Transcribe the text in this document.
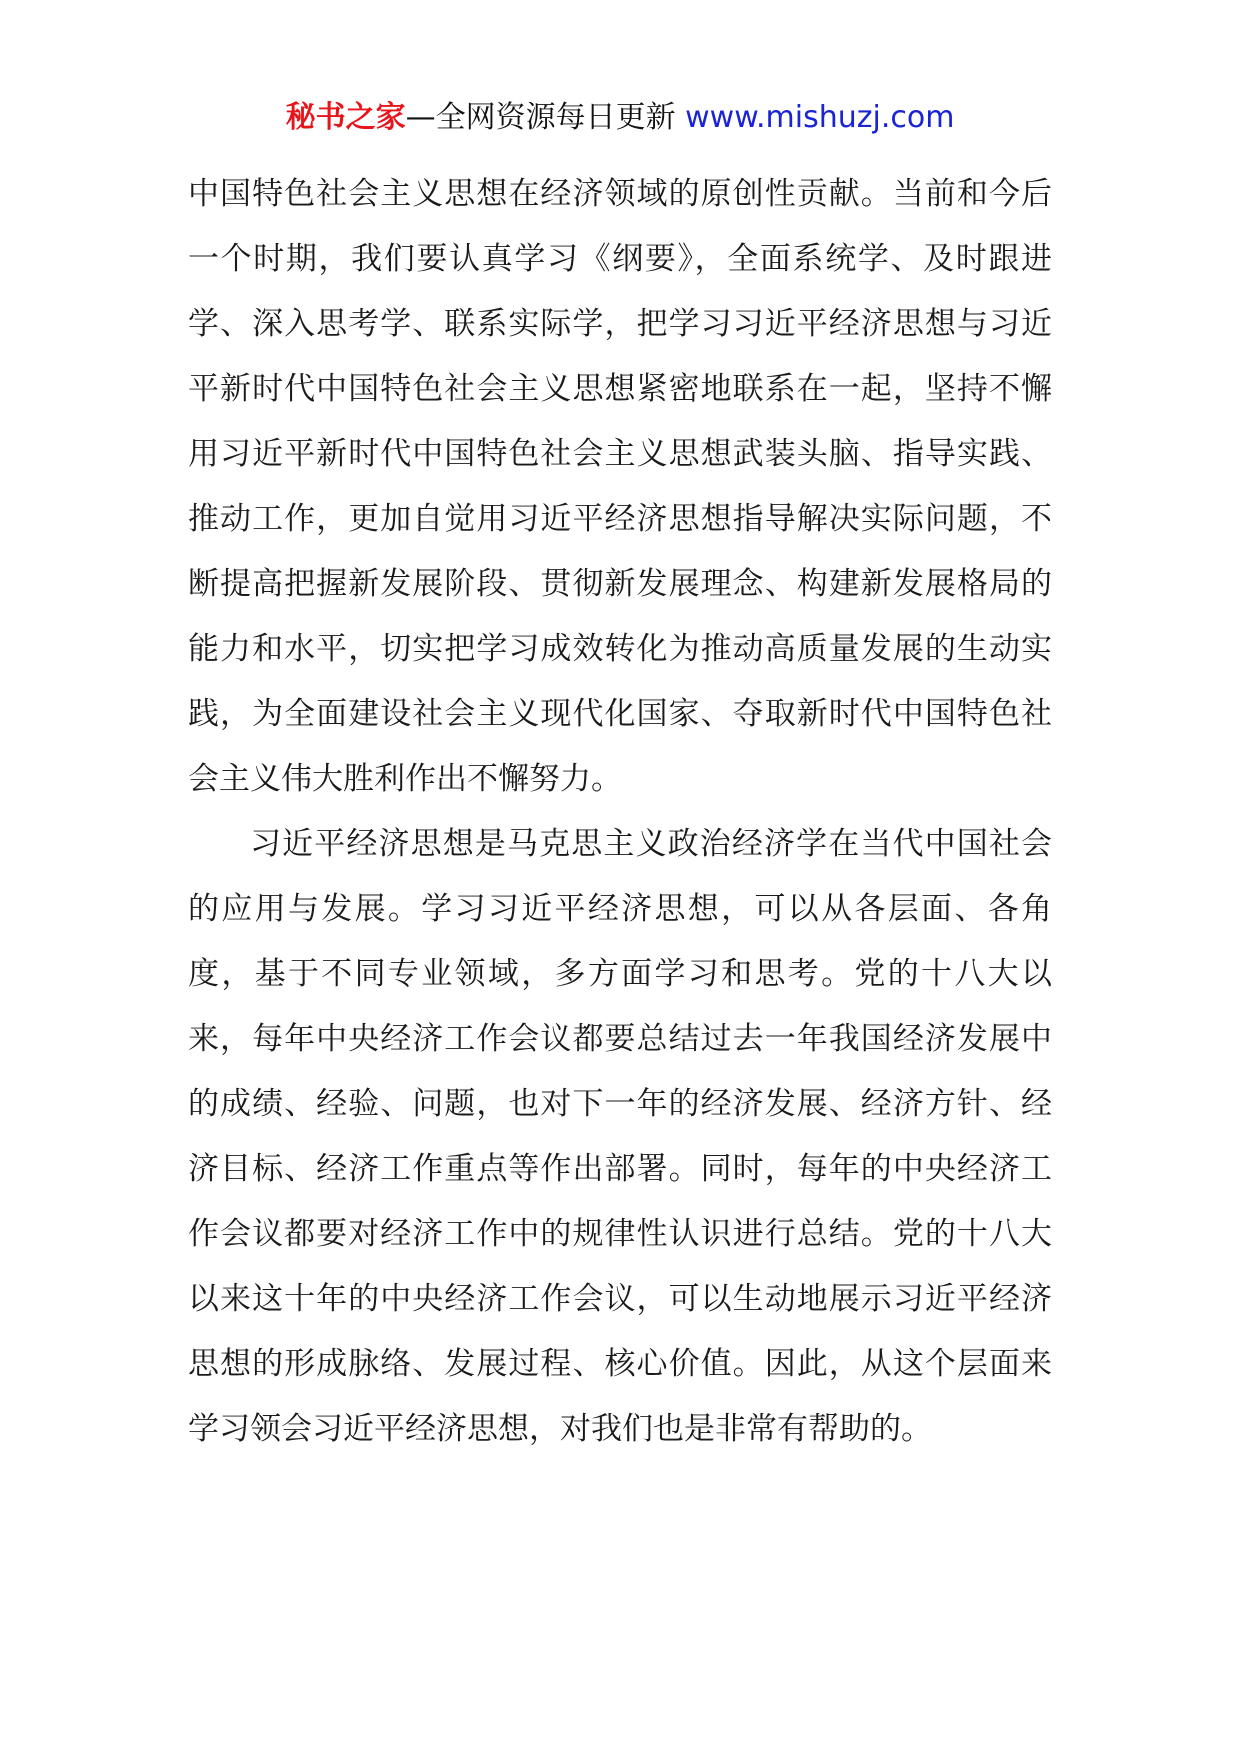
秘书之家—全网资源每日更新 www.mishuzj.com

中国特色社会主义思想在经济领域的原创性贡献。当前和今后一个时期，我们要认真学习《纲要》，全面系统学、及时跟进学、深入思考学、联系实际学，把学习习近平经济思想与习近平新时代中国特色社会主义思想紧密地联系在一起，坚持不懈用习近平新时代中国特色社会主义思想武装头脑、指导实践、推动工作，更加自觉用习近平经济思想指导解决实际问题，不断提高把握新发展阶段、贯彻新发展理念、构建新发展格局的能力和水平，切实把学习成效转化为推动高质量发展的生动实践，为全面建设社会主义现代化国家、夺取新时代中国特色社会主义伟大胜利作出不懈努力。

习近平经济思想是马克思主义政治经济学在当代中国社会的应用与发展。学习习近平经济思想，可以从各层面、各角度，基于不同专业领域，多方面学习和思考。党的十八大以来，每年中央经济工作会议都要总结过去一年我国经济发展中的成绩、经验、问题，也对下一年的经济发展、经济方针、经济目标、经济工作重点等作出部署。同时，每年的中央经济工作会议都要对经济工作中的规律性认识进行总结。党的十八大以来这十年的中央经济工作会议，可以生动地展示习近平经济思想的形成脉络、发展过程、核心价值。因此，从这个层面来学习领会习近平经济思想，对我们也是非常有帮助的。
